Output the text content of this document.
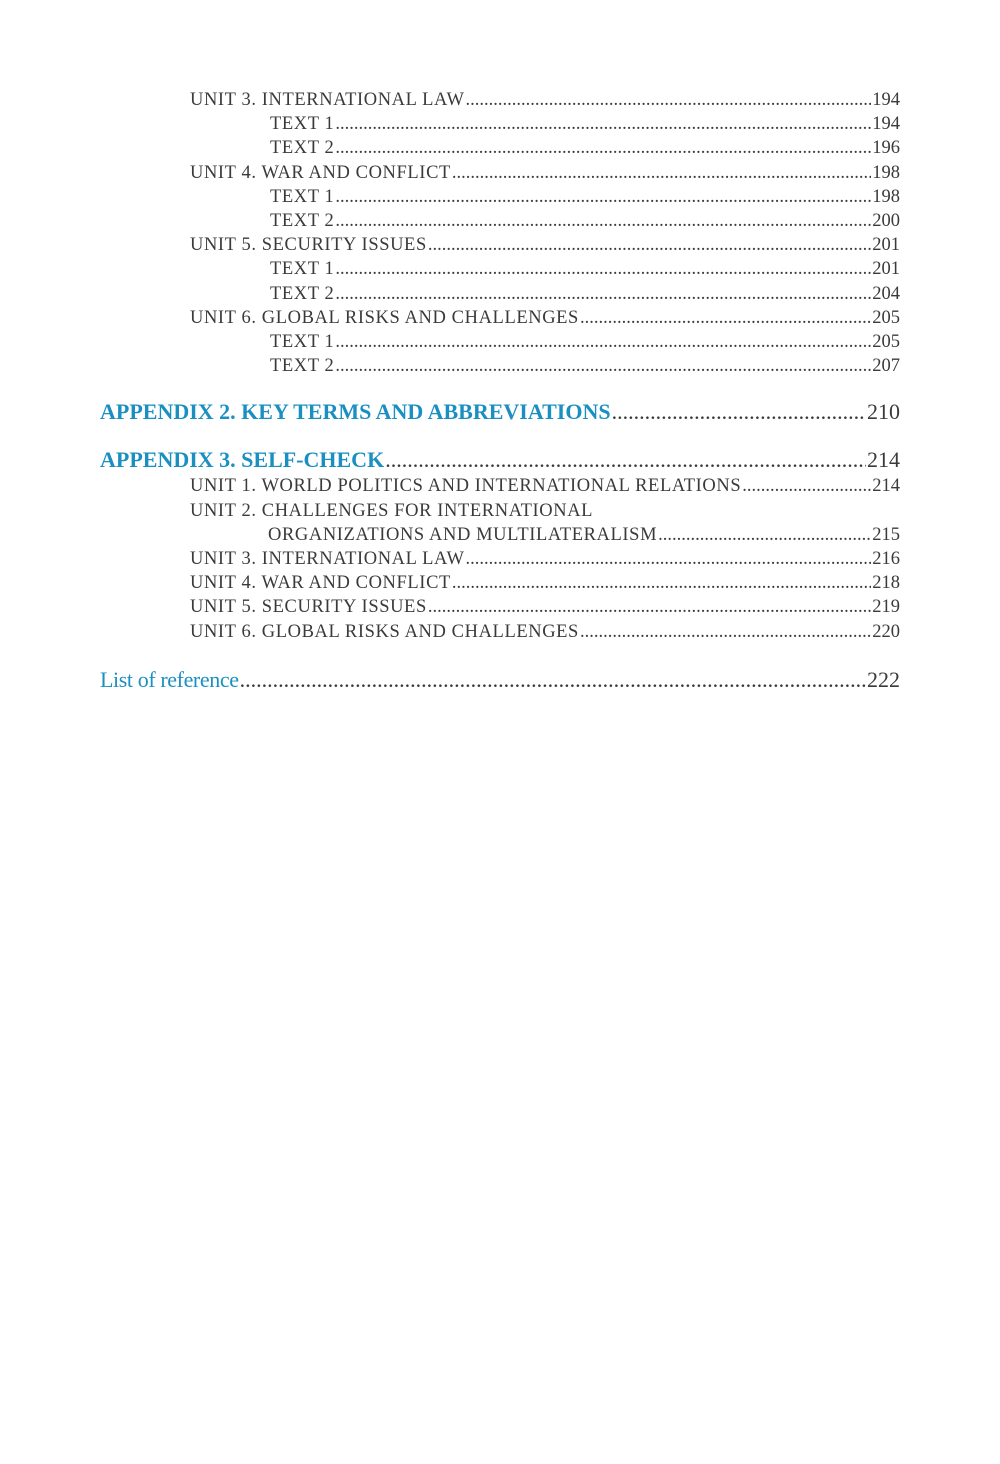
UNIT 3. INTERNATIONAL LAW .....	194
TEXT 1 .....	194
TEXT 2 .....	196
UNIT 4. WAR AND CONFLICT .....	198
TEXT 1 .....	198
TEXT 2 .....	200
UNIT 5. SECURITY ISSUES .....	201
TEXT 1 .....	201
TEXT 2 .....	204
UNIT 6. GLOBAL RISKS AND CHALLENGES .....	205
TEXT 1 .....	205
TEXT 2 .....	207
APPENDIX 2. KEY TERMS AND ABBREVIATIONS .....	210
APPENDIX 3. SELF-CHECK .....	214
UNIT 1. WORLD POLITICS AND INTERNATIONAL RELATIONS .....	214
UNIT 2. CHALLENGES FOR INTERNATIONAL
ORGANIZATIONS AND MULTILATERALISM .....	215
UNIT 3. INTERNATIONAL LAW .....	216
UNIT 4. WAR AND CONFLICT .....	218
UNIT 5. SECURITY ISSUES .....	219
UNIT 6. GLOBAL RISKS AND CHALLENGES .....	220
List of reference .....	222
